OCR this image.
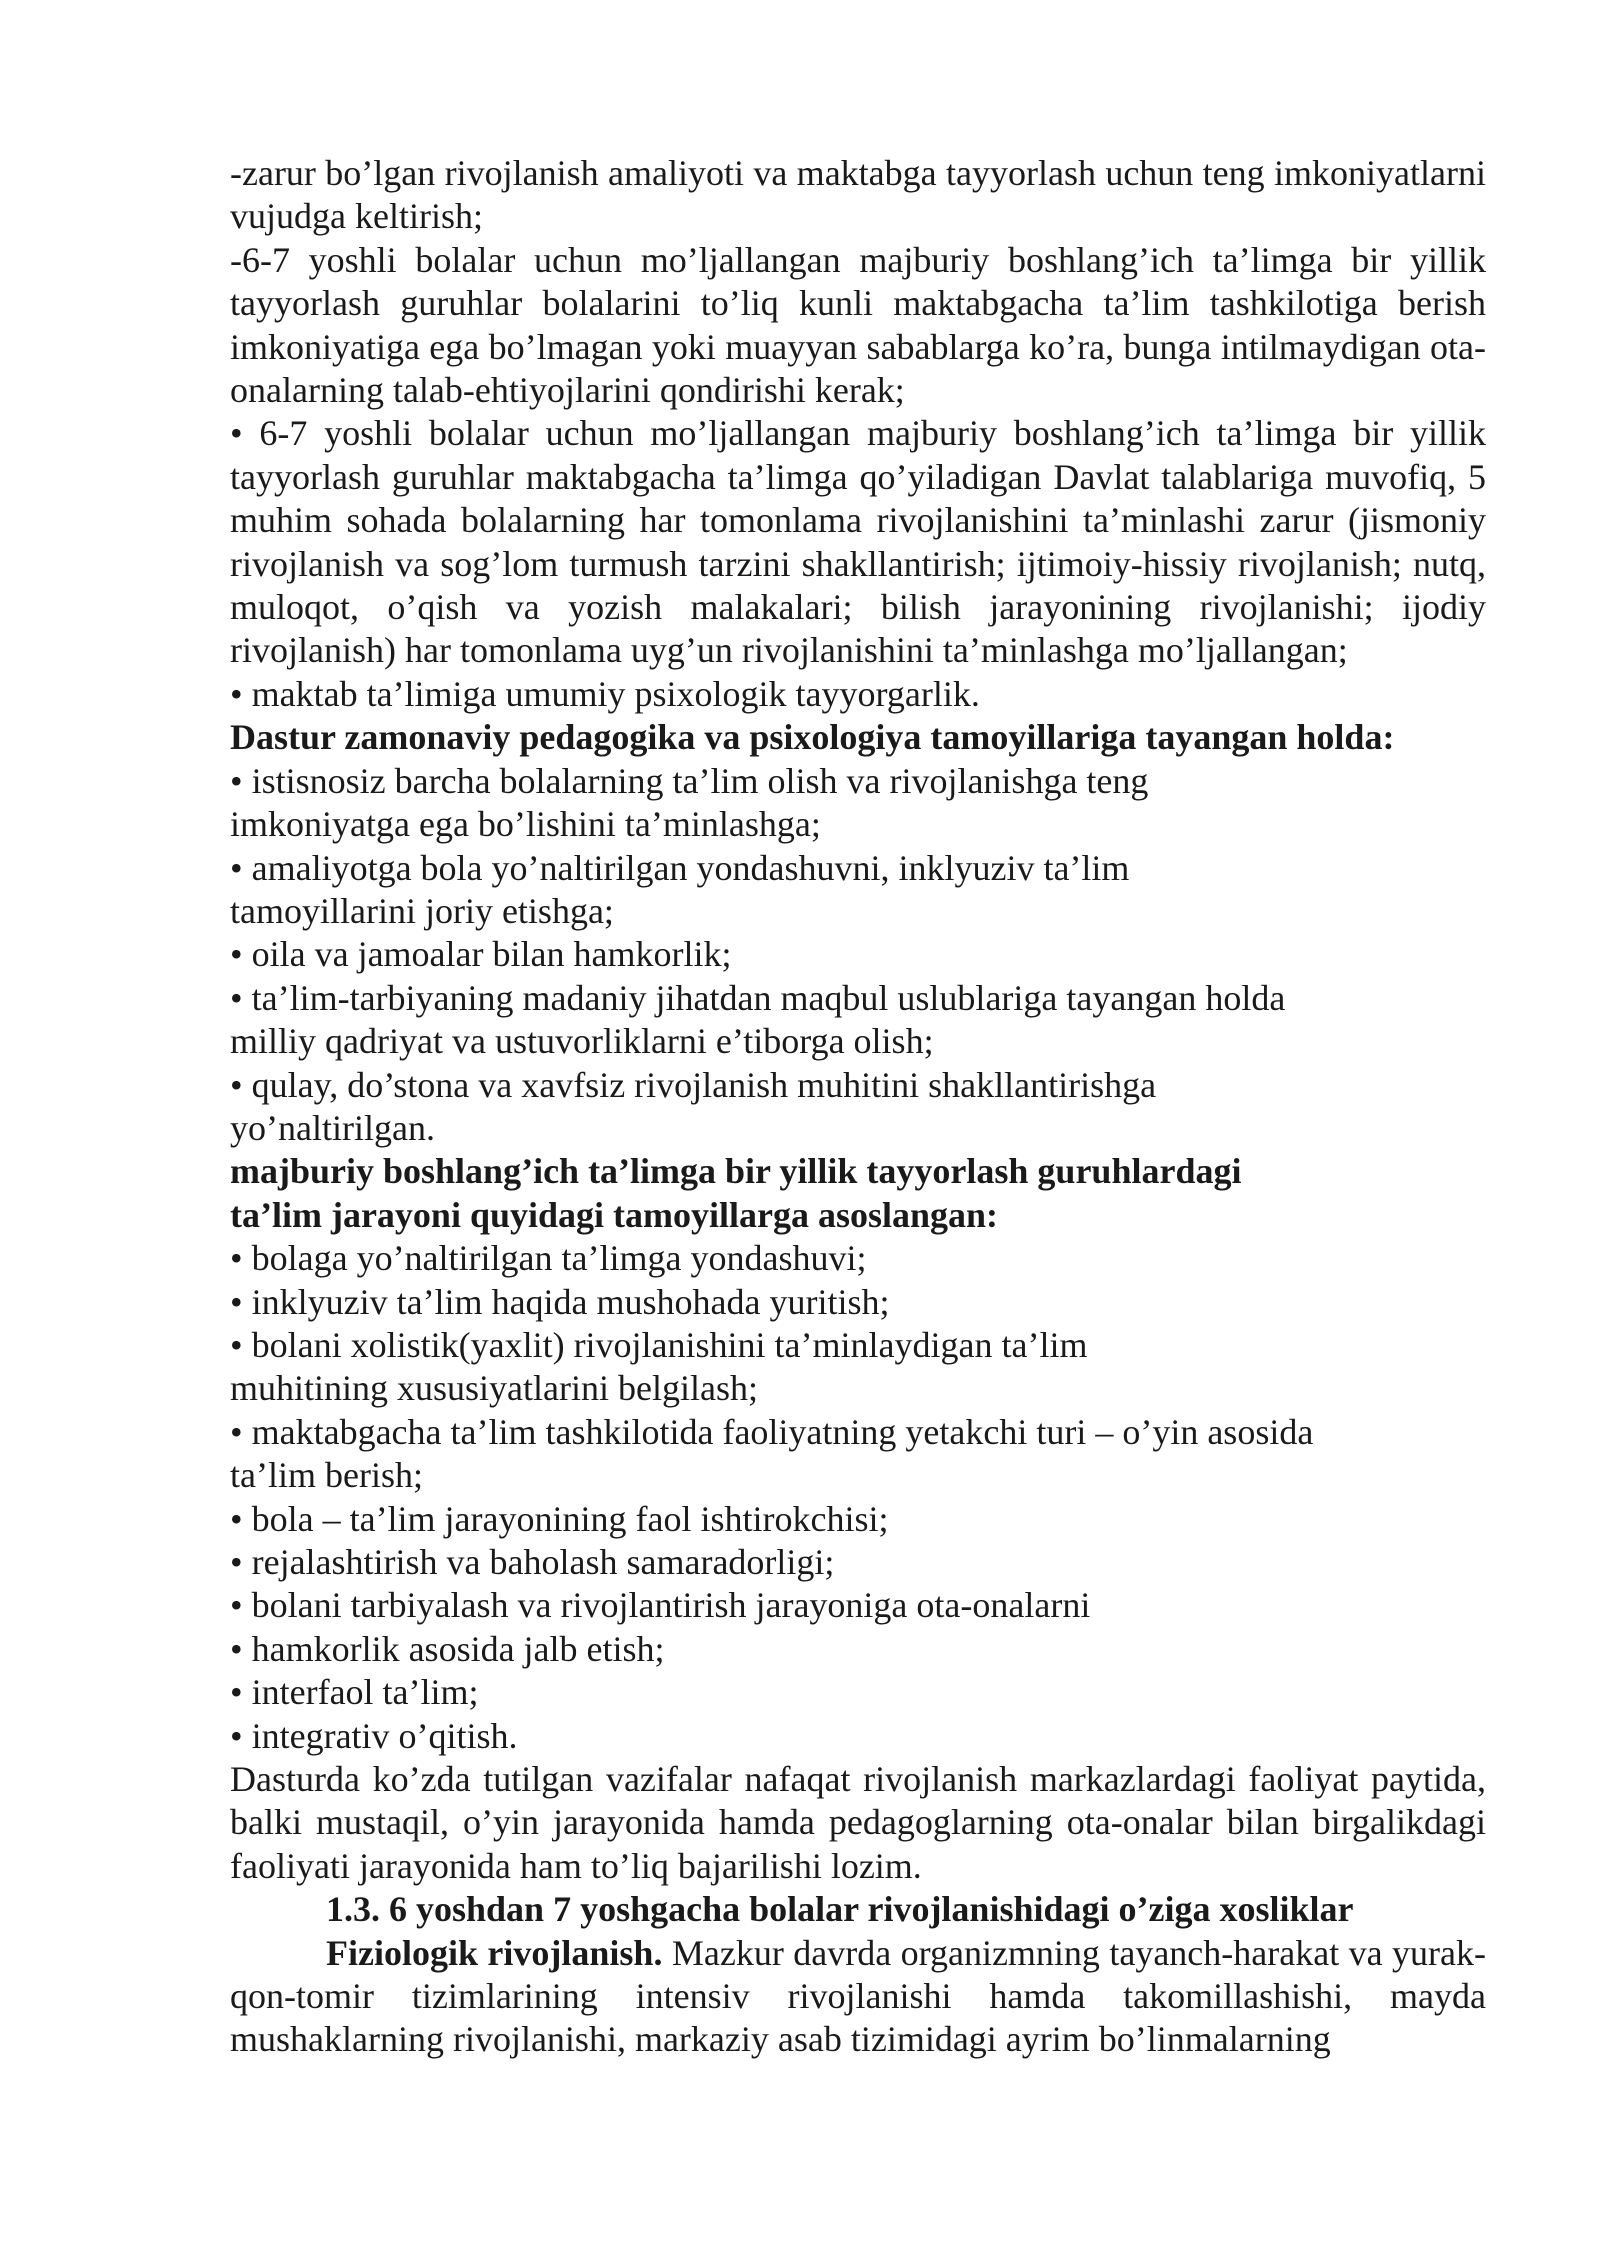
-zarur bo’lgan rivojlanish amaliyoti va maktabga tayyorlash uchun teng imkoniyatlarni vujudga keltirish;

-6-7 yoshli bolalar uchun mo’ljallangan majburiy boshlang’ich ta’limga bir yillik tayyorlash guruhlar bolalarini to’liq kunli maktabgacha ta’lim tashkilotiga berish imkoniyatiga ega bo’lmagan yoki muayyan sabablarga ko’ra, bunga intilmaydigan ota-onalarning talab-ehtiyojlarini qondirishi kerak;

• 6-7 yoshli bolalar uchun mo’ljallangan majburiy boshlang’ich ta’limga bir yillik tayyorlash guruhlar maktabgacha ta’limga qo’yiladigan Davlat talablariga muvofiq, 5 muhim sohada bolalarning har tomonlama rivojlanishini ta’minlashi zarur (jismoniy rivojlanish va sog’lom turmush tarzini shakllantirish; ijtimoiy-hissiy rivojlanish; nutq, muloqot, o’qish va yozish malakalari; bilish jarayonining rivojlanishi; ijodiy rivojlanish) har tomonlama uyg’un rivojlanishini ta’minlashga mo’ljallangan;

• maktab ta’limiga umumiy psixologik tayyorgarlik.

Dastur zamonaviy pedagogika va psixologiya tamoyillariga tayangan holda:

• istisnosiz barcha bolalarning ta’lim olish va rivojlanishga teng

imkoniyatga ega bo’lishini ta’minlashga;

• amaliyotga bola yo’naltirilgan yondashuvni, inklyuziv ta’lim

tamoyillarini joriy etishga;

• oila va jamoalar bilan hamkorlik;

• ta’lim-tarbiyaning madaniy jihatdan maqbul uslublariga tayangan holda

milliy qadriyat va ustuvorliklarni e’tiborga olish;

• qulay, do’stona va xavfsiz rivojlanish muhitini shakllantirishga

yo’naltirilgan.

majburiy boshlang’ich ta’limga bir yillik tayyorlash guruhlardagi

ta’lim jarayoni quyidagi tamoyillarga asoslangan:

• bolaga yo’naltirilgan ta’limga yondashuvi;

• inklyuziv ta’lim haqida mushohada yuritish;

• bolani xolistik(yaxlit) rivojlanishini ta’minlaydigan ta’lim

muhitining xususiyatlarini belgilash;

• maktabgacha ta’lim tashkilotida faoliyatning yetakchi turi – o’yin asosida

ta’lim berish;

• bola – ta’lim jarayonining faol ishtirokchisi;

• rejalashtirish va baholash samaradorligi;

• bolani tarbiyalash va rivojlantirish jarayoniga ota-onalarni

• hamkorlik asosida jalb etish;

• interfaol ta’lim;

• integrativ o’qitish.

Dasturda ko’zda tutilgan vazifalar nafaqat rivojlanish markazlardagi faoliyat paytida, balki mustaqil, o’yin jarayonida hamda pedagoglarning ota-onalar bilan birgalikdagi faoliyati jarayonida ham to’liq bajarilishi lozim.

1.3. 6 yoshdan 7 yoshgacha bolalar rivojlanishidagi o’ziga xosliklar

Fiziologik rivojlanish. Mazkur davrda organizmning tayanch-harakat va yurak-qon-tomir tizimlarining intensiv rivojlanishi hamda takomillashishi, mayda mushaklarning rivojlanishi, markaziy asab tizimidagi ayrim bo’linmalarning
